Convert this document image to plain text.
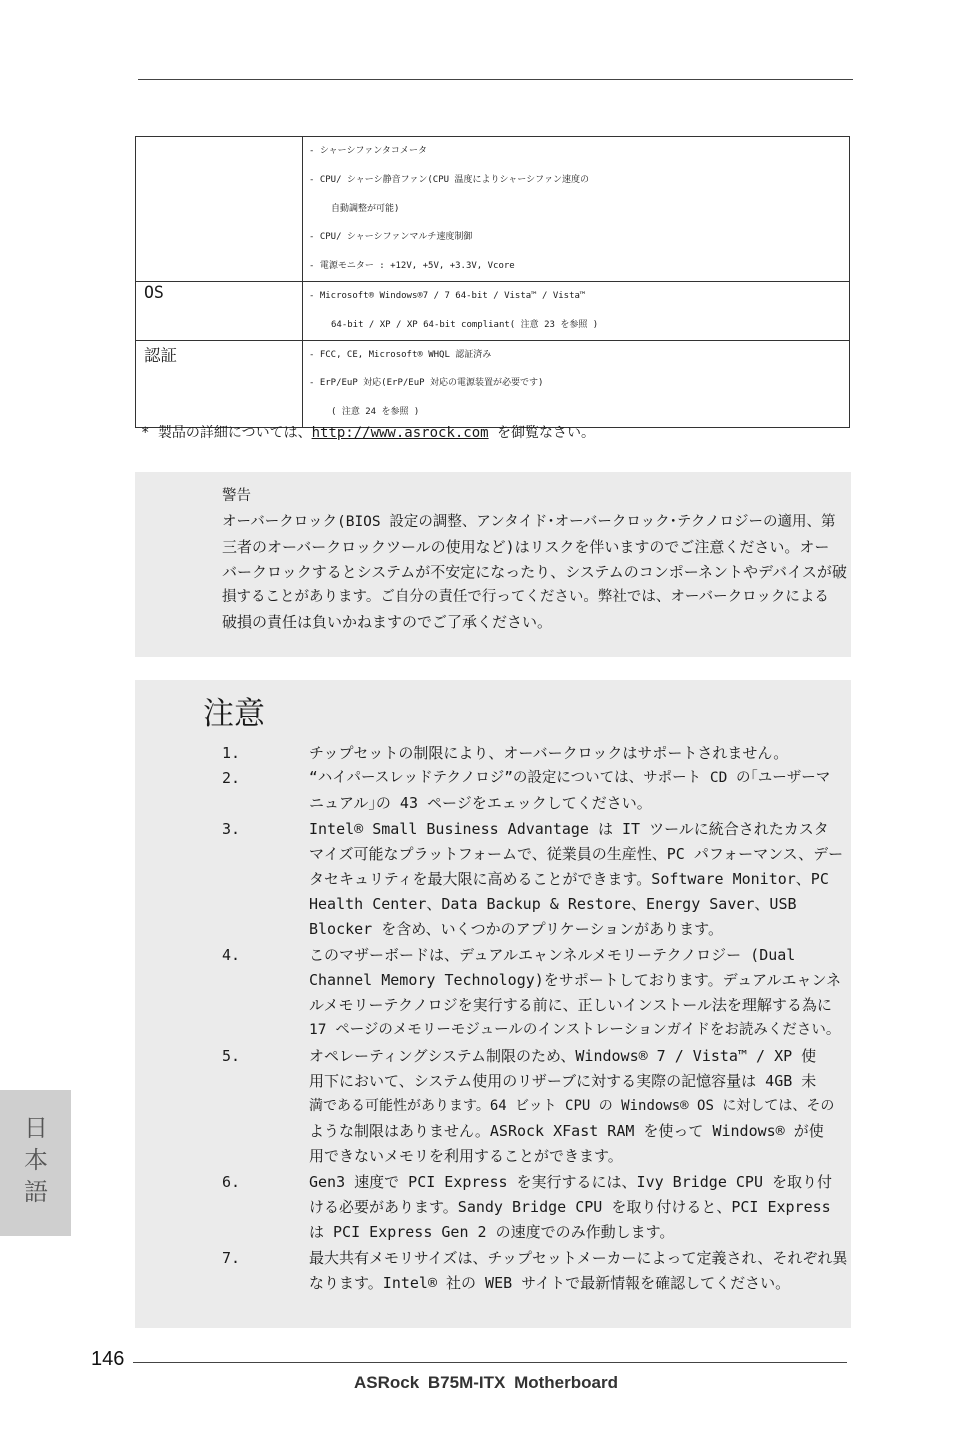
	- シャーシファンタコメータ
- CPU/ シャーシ静音ファン(CPU 温度によりシャーシファン速度の
自動調整が可能)
- CPU/ シャーシファンマルチ速度制御
- 電源モニター : +12V, +5V, +3.3V, Vcore

OS	- Microsoft® Windows®7 / 7 64-bit / Vista™ / Vista™
64-bit / XP / XP 64-bit compliant( 注意 23 を参照 )

認証	- FCC, CE, Microsoft® WHQL 認証済み
- ErP/EuP 対応(ErP/EuP 対応の電源装置が必要です)
( 注意 24 を参照 )
* 製品の詳細については、http://www.asrock.com を御覧なさい。
警告
オーバークロック(BIOS 設定の調整、アンタイド･オーバークロック･テクノロジーの適用、第
三者のオーバークロックツールの使用など)はリスクを伴いますのでご注意ください。オー
バークロックするとシステムが不安定になったり、システムのコンポーネントやデバイスが破
損することがあります。ご自分の責任で行ってください。弊社では、オーバークロックによる
破損の責任は負いかねますのでご了承ください。
注意
1.	チップセットの制限により、オーバークロックはサポートされません。
2.	“ハイパースレッドテクノロジ”の設定については、サポート CD の｢ユーザーマ
ニュアル｣の 43 ページをエェックしてください。
3.	Intel® Small Business Advantage は IT ツールに統合されたカスタ
マイズ可能なプラットフォームで、従業員の生産性、PC パフォーマンス、デー
タセキュリティを最大限に高めることができます。Software Monitor、PC
Health Center、Data Backup & Restore、Energy Saver、USB
Blocker を含め、いくつかのアプリケーションがあります。
4.	このマザーボードは、デュアルエャンネルメモリーテクノロジー (Dual
Channel Memory Technology)をサポートしております。デュアルエャンネ
ルメモリーテクノロジを実行する前に、正しいインストール法を理解する為に
17 ページのメモリーモジュールのインストレーションガイドをお読みください。
5.	オペレーティングシステム制限のため、Windows® 7 / Vista™ / XP 使
用下において、システム使用のリザーブに対する実際の記憶容量は 4GB 未
満である可能性があります。64 ビット CPU の Windows® OS に対しては、その
ような制限はありません。ASRock XFast RAM を使って Windows® が使
用できないメモリを利用することができます。
6.	Gen3 速度で PCI Express を実行するには、Ivy Bridge CPU を取り付
ける必要があります。Sandy Bridge CPU を取り付けると、PCI Express
は PCI Express Gen 2 の速度でのみ作動します。
7.	最大共有メモリサイズは、チップセットメーカーによって定義され、それぞれ異
なります。Intel® 社の WEB サイトで最新情報を確認してください。
日本語
146
ASRock B75M-ITX Motherboard
